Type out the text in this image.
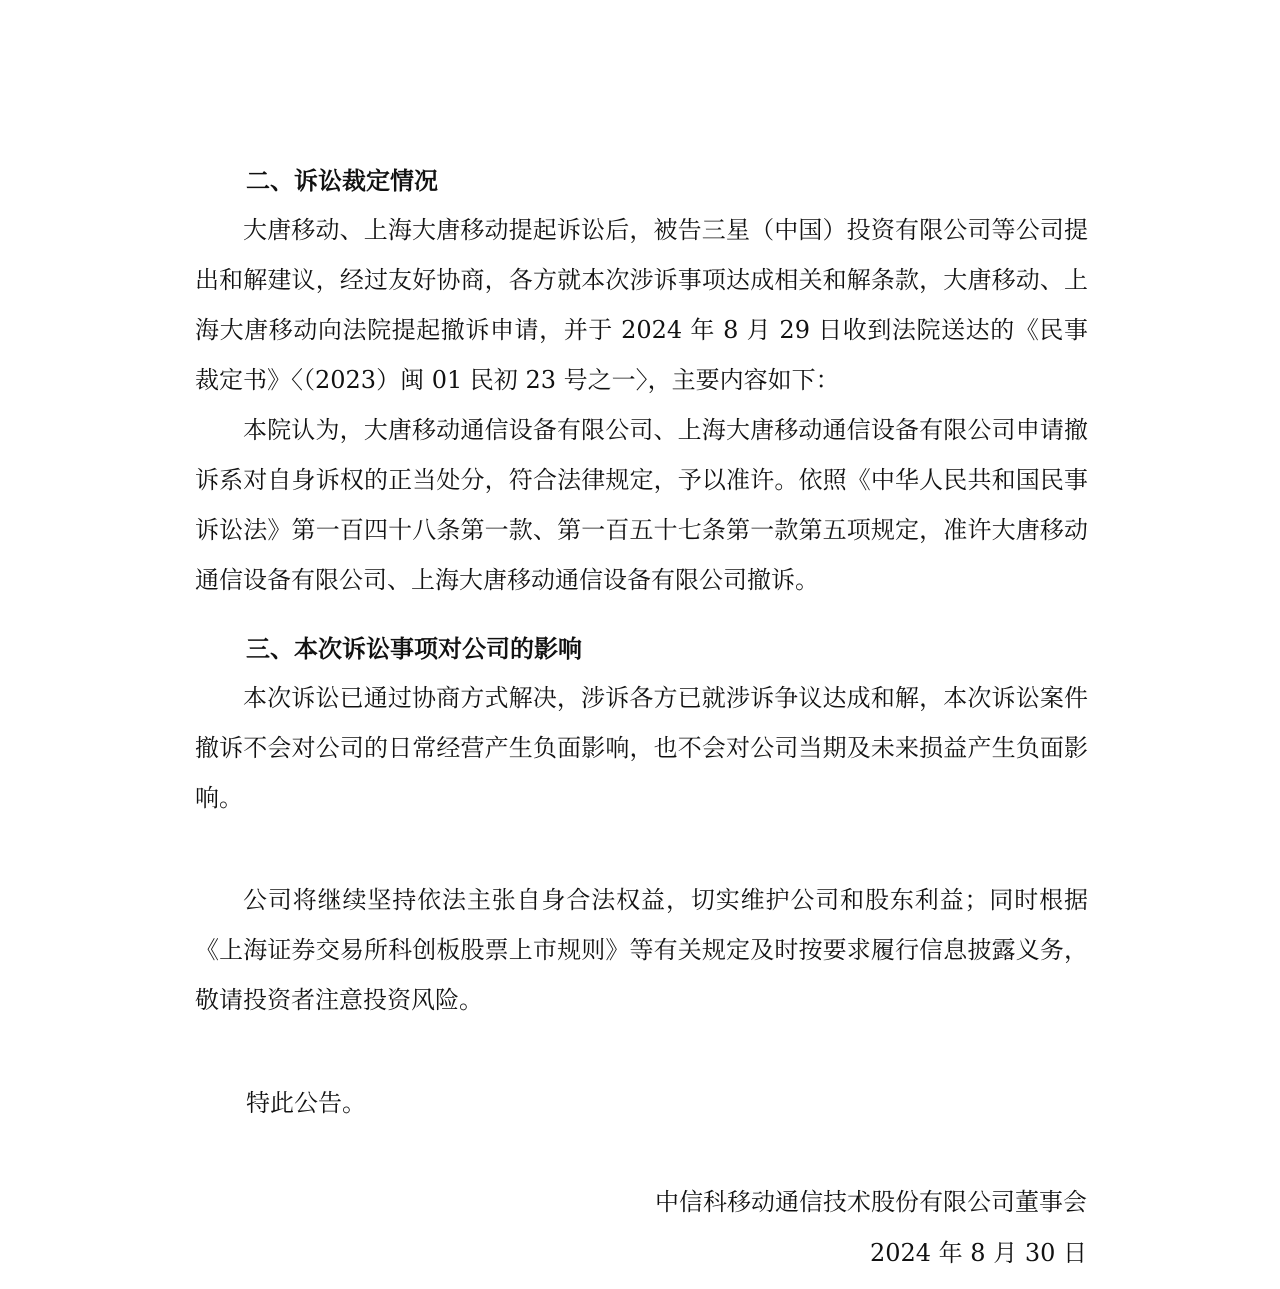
二、诉讼裁定情况

大唐移动、上海大唐移动提起诉讼后，被告三星（中国）投资有限公司等公司提出和解建议，经过友好协商，各方就本次涉诉事项达成相关和解条款，大唐移动、上海大唐移动向法院提起撤诉申请，并于 2024 年 8 月 29 日收到法院送达的《民事裁定书》〈（2023）闽 01 民初 23 号之一〉，主要内容如下：

本院认为，大唐移动通信设备有限公司、上海大唐移动通信设备有限公司申请撤诉系对自身诉权的正当处分，符合法律规定，予以准许。依照《中华人民共和国民事诉讼法》第一百四十八条第一款、第一百五十七条第一款第五项规定，准许大唐移动通信设备有限公司、上海大唐移动通信设备有限公司撤诉。

三、本次诉讼事项对公司的影响

本次诉讼已通过协商方式解决，涉诉各方已就涉诉争议达成和解，本次诉讼案件撤诉不会对公司的日常经营产生负面影响，也不会对公司当期及未来损益产生负面影响。

公司将继续坚持依法主张自身合法权益，切实维护公司和股东利益；同时根据《上海证券交易所科创板股票上市规则》等有关规定及时按要求履行信息披露义务，敬请投资者注意投资风险。

特此公告。

中信科移动通信技术股份有限公司董事会

2024 年 8 月 30 日
